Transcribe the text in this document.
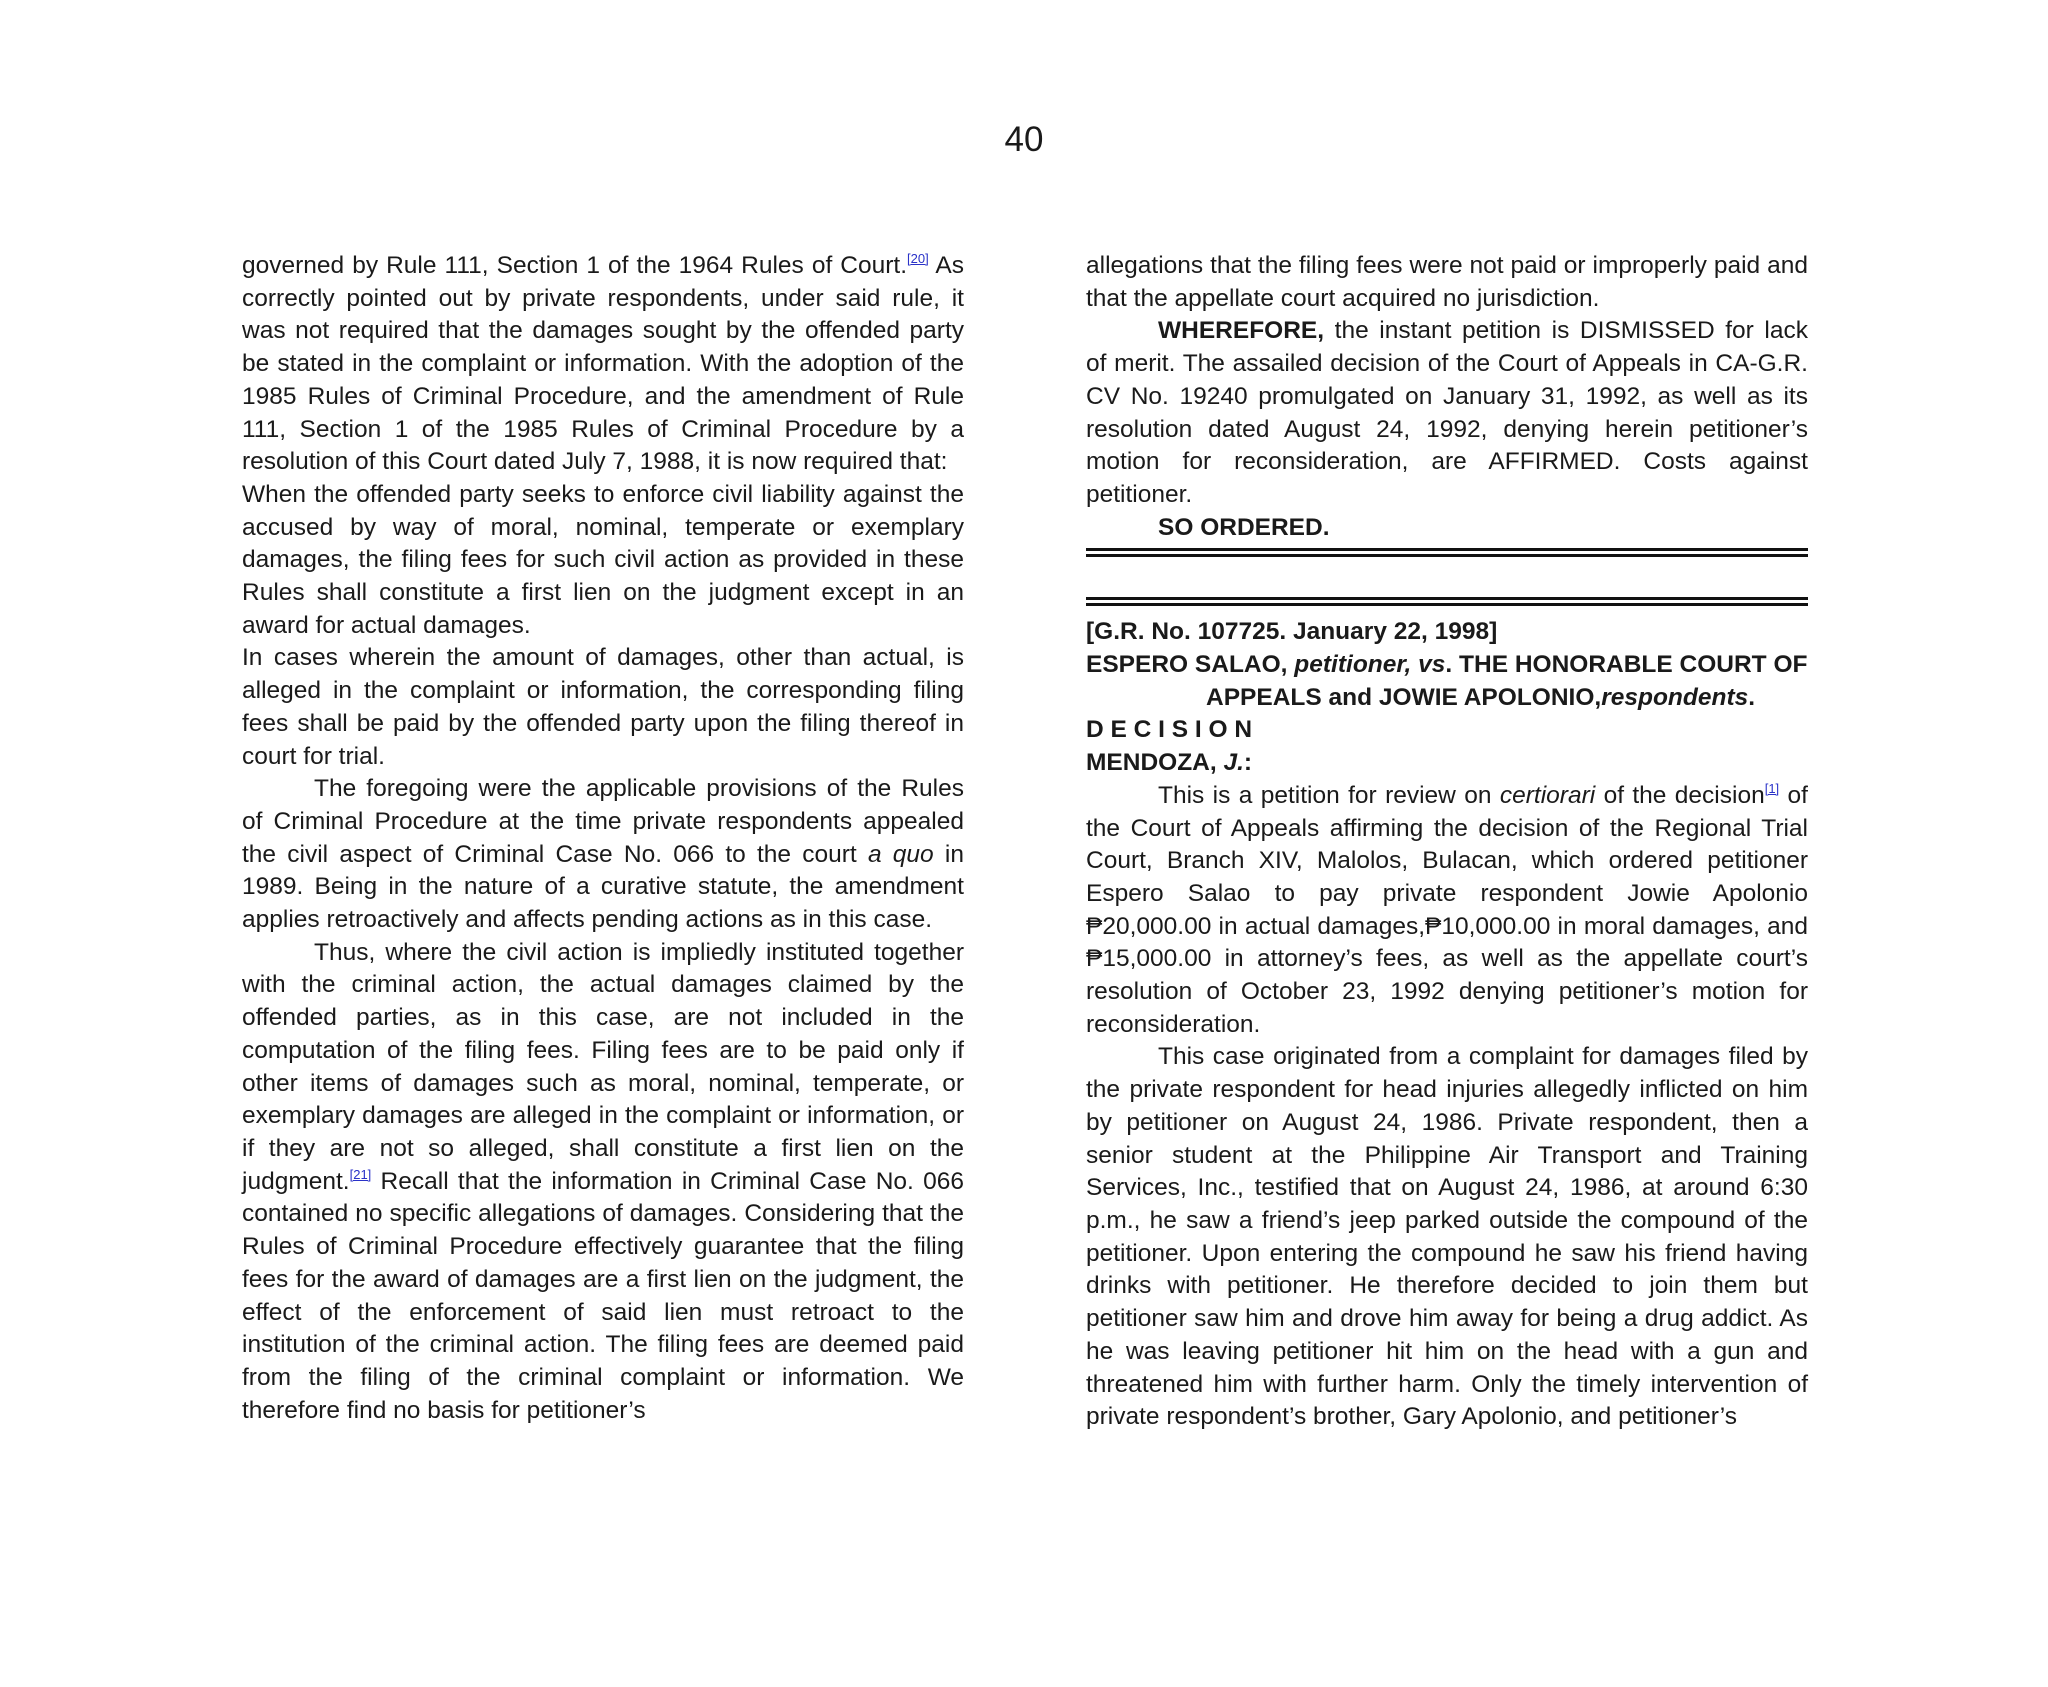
40

governed by Rule 111, Section 1 of the 1964 Rules of Court.[20] As correctly pointed out by private respondents, under said rule, it was not required that the damages sought by the offended party be stated in the complaint or information. With the adoption of the 1985 Rules of Criminal Procedure, and the amendment of Rule 111, Section 1 of the 1985 Rules of Criminal Procedure by a resolution of this Court dated July 7, 1988, it is now required that:

When the offended party seeks to enforce civil liability against the accused by way of moral, nominal, temperate or exemplary damages, the filing fees for such civil action as provided in these Rules shall constitute a first lien on the judgment except in an award for actual damages.

In cases wherein the amount of damages, other than actual, is alleged in the complaint or information, the corresponding filing fees shall be paid by the offended party upon the filing thereof in court for trial.

The foregoing were the applicable provisions of the Rules of Criminal Procedure at the time private respondents appealed the civil aspect of Criminal Case No. 066 to the court a quo in 1989. Being in the nature of a curative statute, the amendment applies retroactively and affects pending actions as in this case.

Thus, where the civil action is impliedly instituted together with the criminal action, the actual damages claimed by the offended parties, as in this case, are not included in the computation of the filing fees. Filing fees are to be paid only if other items of damages such as moral, nominal, temperate, or exemplary damages are alleged in the complaint or information, or if they are not so alleged, shall constitute a first lien on the judgment.[21] Recall that the information in Criminal Case No. 066 contained no specific allegations of damages. Considering that the Rules of Criminal Procedure effectively guarantee that the filing fees for the award of damages are a first lien on the judgment, the effect of the enforcement of said lien must retroact to the institution of the criminal action. The filing fees are deemed paid from the filing of the criminal complaint or information. We therefore find no basis for petitioner’s

allegations that the filing fees were not paid or improperly paid and that the appellate court acquired no jurisdiction.

WHEREFORE, the instant petition is DISMISSED for lack of merit. The assailed decision of the Court of Appeals in CA-G.R. CV No. 19240 promulgated on January 31, 1992, as well as its resolution dated August 24, 1992, denying herein petitioner’s motion for reconsideration, are AFFIRMED. Costs against petitioner.

SO ORDERED.

[G.R. No. 107725. January 22, 1998]

ESPERO SALAO, petitioner, vs. THE HONORABLE COURT OF

APPEALS and JOWIE APOLONIO,respondents.

D E C I S I O N

MENDOZA, J.:

This is a petition for review on certiorari of the decision[1] of the Court of Appeals affirming the decision of the Regional Trial Court, Branch XIV, Malolos, Bulacan, which ordered petitioner Espero Salao to pay private respondent Jowie Apolonio ₱20,000.00 in actual damages,₱10,000.00 in moral damages, and ₱15,000.00 in attorney’s fees, as well as the appellate court’s resolution of October 23, 1992 denying petitioner’s motion for reconsideration.

This case originated from a complaint for damages filed by the private respondent for head injuries allegedly inflicted on him by petitioner on August 24, 1986. Private respondent, then a senior student at the Philippine Air Transport and Training Services, Inc., testified that on August 24, 1986, at around 6:30 p.m., he saw a friend’s jeep parked outside the compound of the petitioner. Upon entering the compound he saw his friend having drinks with petitioner. He therefore decided to join them but petitioner saw him and drove him away for being a drug addict. As he was leaving petitioner hit him on the head with a gun and threatened him with further harm. Only the timely intervention of private respondent’s brother, Gary Apolonio, and petitioner’s
